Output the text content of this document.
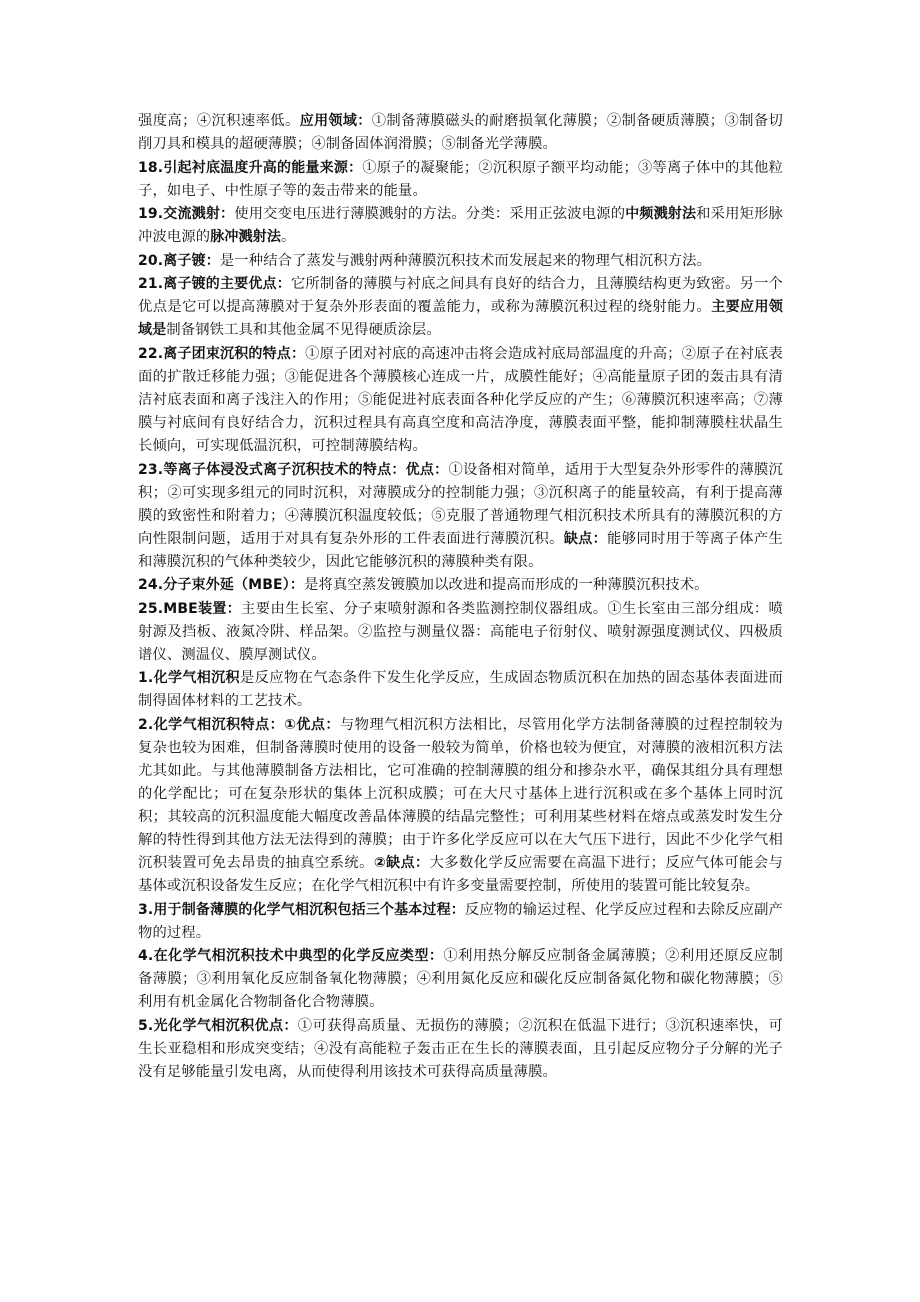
强度高；④沉积速率低。应用领域：①制备薄膜磁头的耐磨损氧化薄膜；②制备硬质薄膜；③制备切削刀具和模具的超硬薄膜；④制备固体润滑膜；⑤制备光学薄膜。

18.引起衬底温度升高的能量来源：①原子的凝聚能；②沉积原子额平均动能；③等离子体中的其他粒子，如电子、中性原子等的轰击带来的能量。

19.交流溅射：使用交变电压进行薄膜溅射的方法。分类：采用正弦波电源的中频溅射法和采用矩形脉冲波电源的脉冲溅射法。

20.离子镀：是一种结合了蒸发与溅射两种薄膜沉积技术而发展起来的物理气相沉积方法。

21.离子镀的主要优点：它所制备的薄膜与衬底之间具有良好的结合力，且薄膜结构更为致密。另一个优点是它可以提高薄膜对于复杂外形表面的覆盖能力，或称为薄膜沉积过程的绕射能力。主要应用领域是制备钢铁工具和其他金属不见得硬质涂层。

22.离子团束沉积的特点：①原子团对衬底的高速冲击将会造成衬底局部温度的升高；②原子在衬底表面的扩散迁移能力强；③能促进各个薄膜核心连成一片，成膜性能好；④高能量原子团的轰击具有清洁衬底表面和离子浅注入的作用；⑤能促进衬底表面各种化学反应的产生；⑥薄膜沉积速率高；⑦薄膜与衬底间有良好结合力，沉积过程具有高真空度和高洁净度，薄膜表面平整，能抑制薄膜柱状晶生长倾向，可实现低温沉积，可控制薄膜结构。

23.等离子体浸没式离子沉积技术的特点：优点：①设备相对简单，适用于大型复杂外形零件的薄膜沉积；②可实现多组元的同时沉积，对薄膜成分的控制能力强；③沉积离子的能量较高，有利于提高薄膜的致密性和附着力；④薄膜沉积温度较低；⑤克服了普通物理气相沉积技术所具有的薄膜沉积的方向性限制问题，适用于对具有复杂外形的工件表面进行薄膜沉积。缺点：能够同时用于等离子体产生和薄膜沉积的气体种类较少，因此它能够沉积的薄膜种类有限。

24.分子束外延（MBE）：是将真空蒸发镀膜加以改进和提高而形成的一种薄膜沉积技术。

25.MBE装置：主要由生长室、分子束喷射源和各类监测控制仪器组成。①生长室由三部分组成：喷射源及挡板、液氮冷阱、样品架。②监控与测量仪器：高能电子衍射仪、喷射源强度测试仪、四极质谱仪、测温仪、膜厚测试仪。

1.化学气相沉积是反应物在气态条件下发生化学反应，生成固态物质沉积在加热的固态基体表面进而制得固体材料的工艺技术。

2.化学气相沉积特点：①优点：与物理气相沉积方法相比，尽管用化学方法制备薄膜的过程控制较为复杂也较为困难，但制备薄膜时使用的设备一般较为简单，价格也较为便宜，对薄膜的液相沉积方法尤其如此。与其他薄膜制备方法相比，它可准确的控制薄膜的组分和掺杂水平，确保其组分具有理想的化学配比；可在复杂形状的集体上沉积成膜；可在大尺寸基体上进行沉积或在多个基体上同时沉积；其较高的沉积温度能大幅度改善晶体薄膜的结晶完整性；可利用某些材料在熔点或蒸发时发生分解的特性得到其他方法无法得到的薄膜；由于许多化学反应可以在大气压下进行，因此不少化学气相沉积装置可免去昂贵的抽真空系统。②缺点：大多数化学反应需要在高温下进行；反应气体可能会与基体或沉积设备发生反应；在化学气相沉积中有许多变量需要控制，所使用的装置可能比较复杂。

3.用于制备薄膜的化学气相沉积包括三个基本过程：反应物的输运过程、化学反应过程和去除反应副产物的过程。

4.在化学气相沉积技术中典型的化学反应类型：①利用热分解反应制备金属薄膜；②利用还原反应制备薄膜；③利用氧化反应制备氧化物薄膜；④利用氮化反应和碳化反应制备氮化物和碳化物薄膜；⑤利用有机金属化合物制备化合物薄膜。

5.光化学气相沉积优点：①可获得高质量、无损伤的薄膜；②沉积在低温下进行；③沉积速率快，可生长亚稳相和形成突变结；④没有高能粒子轰击正在生长的薄膜表面，且引起反应物分子分解的光子没有足够能量引发电离，从而使得利用该技术可获得高质量薄膜。
